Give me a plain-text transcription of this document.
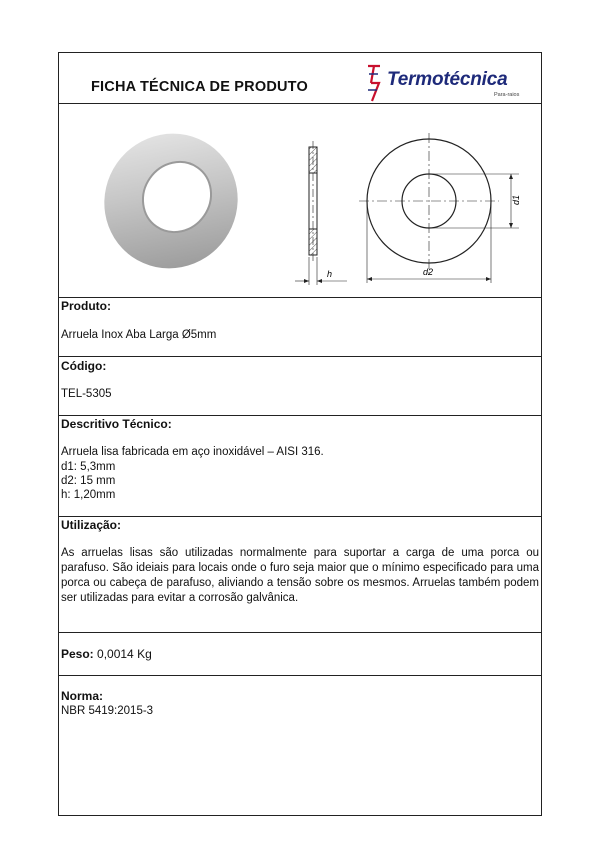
FICHA TÉCNICA DE PRODUTO	Termotécnica
Para-raios
h
d1
d2
Produto:
Arruela Inox Aba Larga Ø5mm
Código:
TEL-5305
Descritivo Técnico:
Arruela lisa fabricada em aço inoxidável – AISI 316.
d1: 5,3mm
d2: 15 mm
h: 1,20mm
Utilização:
As arruelas lisas são utilizadas normalmente para suportar a carga de uma porca ou parafuso. São ideiais para locais onde o furo seja maior que o mínimo especificado para uma porca ou cabeça de parafuso, aliviando a tensão sobre os mesmos. Arruelas também podem ser utilizadas para evitar a corrosão galvânica.
Peso: 0,0014 Kg
Norma:
NBR 5419:2015-3
